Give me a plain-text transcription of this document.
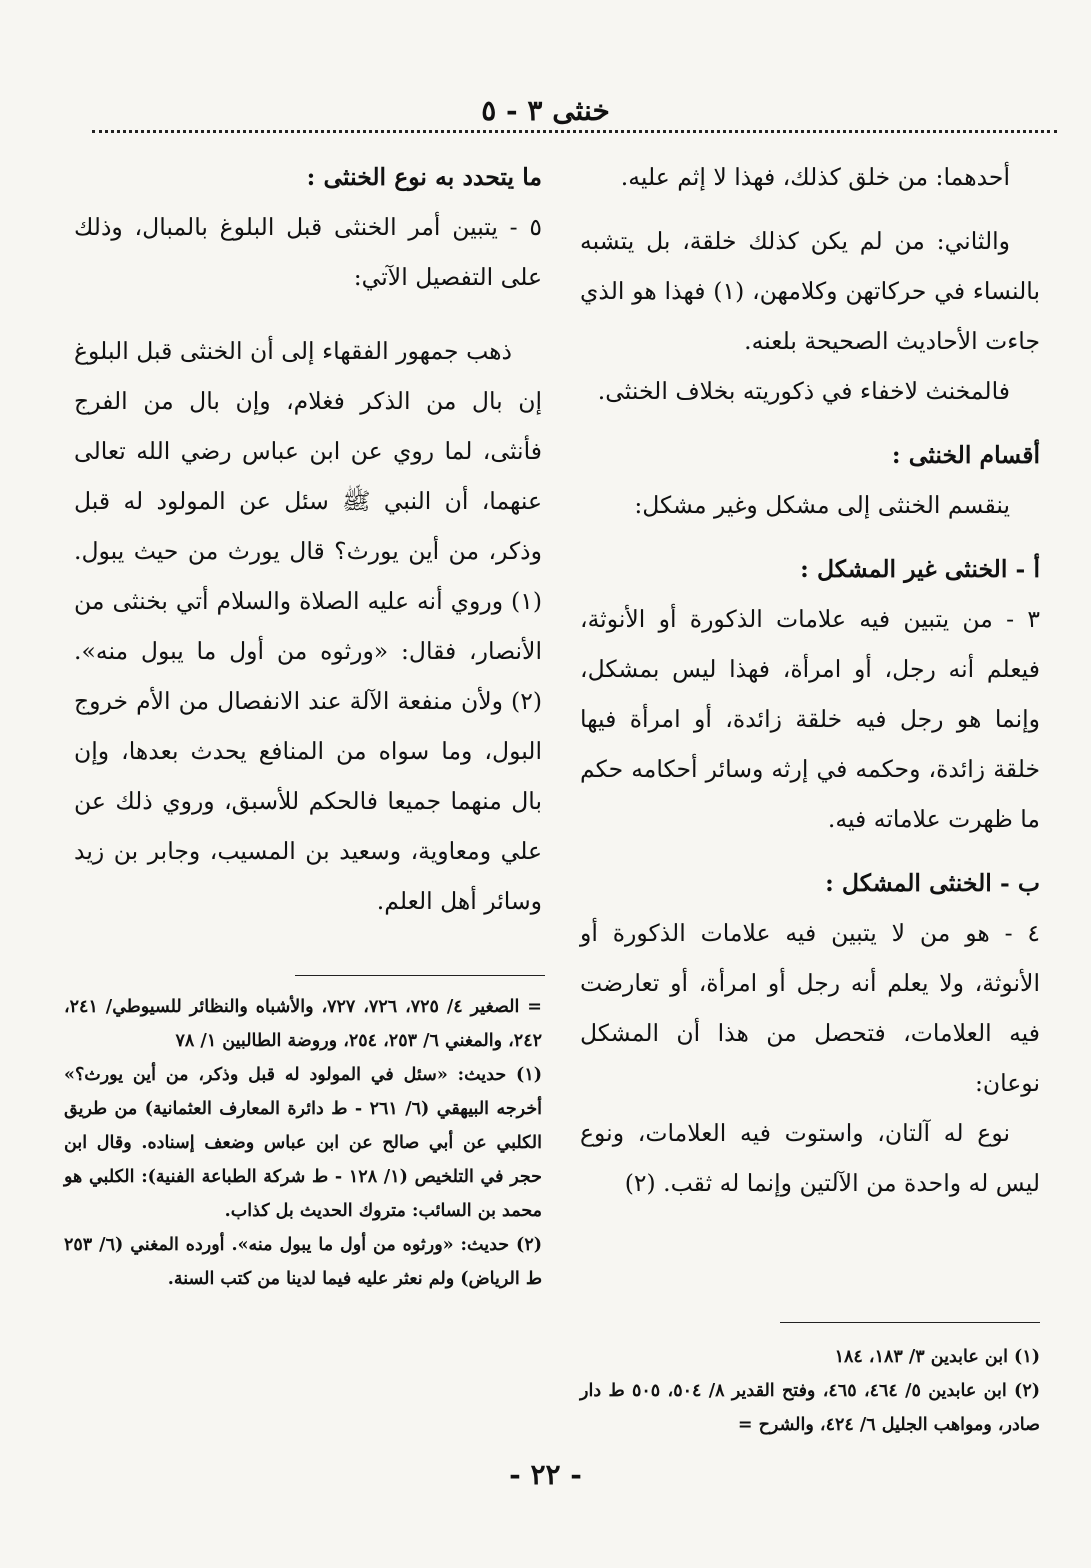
خنثى ٣ - ٥

أحدهما: من خلق كذلك، فهذا لا إثم عليه.

والثاني: من لم يكن كذلك خلقة، بل يتشبه بالنساء في حركاتهن وكلامهن، (١) فهذا هو الذي جاءت الأحاديث الصحيحة بلعنه.

فالمخنث لاخفاء في ذكوريته بخلاف الخنثى.

أقسام الخنثى :

ينقسم الخنثى إلى مشكل وغير مشكل:

أ - الخنثى غير المشكل :

٣ - من يتبين فيه علامات الذكورة أو الأنوثة، فيعلم أنه رجل، أو امرأة، فهذا ليس بمشكل، وإنما هو رجل فيه خلقة زائدة، أو امرأة فيها خلقة زائدة، وحكمه في إرثه وسائر أحكامه حكم ما ظهرت علاماته فيه.

ب - الخنثى المشكل :

٤ - هو من لا يتبين فيه علامات الذكورة أو الأنوثة، ولا يعلم أنه رجل أو امرأة، أو تعارضت فيه العلامات، فتحصل من هذا أن المشكل نوعان:

نوع له آلتان، واستوت فيه العلامات، ونوع ليس له واحدة من الآلتين وإنما له ثقب. (٢)

ما يتحدد به نوع الخنثى :

٥ - يتبين أمر الخنثى قبل البلوغ بالمبال، وذلك على التفصيل الآتي:

ذهب جمهور الفقهاء إلى أن الخنثى قبل البلوغ إن بال من الذكر فغلام، وإن بال من الفرج فأنثى، لما روي عن ابن عباس رضي الله تعالى عنهما، أن النبي ﷺ سئل عن المولود له قبل وذكر، من أين يورث؟ قال يورث من حيث يبول. (١) وروي أنه عليه الصلاة والسلام أتي بخنثى من الأنصار، فقال: «ورثوه من أول ما يبول منه». (٢) ولأن منفعة الآلة عند الانفصال من الأم خروج البول، وما سواه من المنافع يحدث بعدها، وإن بال منهما جميعا فالحكم للأسبق، وروي ذلك عن علي ومعاوية، وسعيد بن المسيب، وجابر بن زيد وسائر أهل العلم.

= الصغير ٤/ ٧٢٥، ٧٢٦، ٧٢٧، والأشباه والنظائر للسيوطي/ ٢٤١، ٢٤٢، والمغني ٦/ ٢٥٣، ٢٥٤، وروضة الطالبين ١/ ٧٨

(١) حديث: «سئل في المولود له قبل وذكر، من أين يورث؟» أخرجه البيهقي (٦/ ٢٦١ - ط دائرة المعارف العثمانية) من طريق الكلبي عن أبي صالح عن ابن عباس وضعف إسناده. وقال ابن حجر في التلخيص (١/ ١٢٨ - ط شركة الطباعة الفنية): الكلبي هو محمد بن السائب: متروك الحديث بل كذاب.

(٢) حديث: «ورثوه من أول ما يبول منه». أورده المغني (٦/ ٢٥٣ ط الرياض) ولم نعثر عليه فيما لدينا من كتب السنة.

(١) ابن عابدين ٣/ ١٨٣، ١٨٤

(٢) ابن عابدين ٥/ ٤٦٤، ٤٦٥، وفتح القدير ٨/ ٥٠٤، ٥٠٥ ط دار صادر، ومواهب الجليل ٦/ ٤٢٤، والشرح =

- ٢٢ -
